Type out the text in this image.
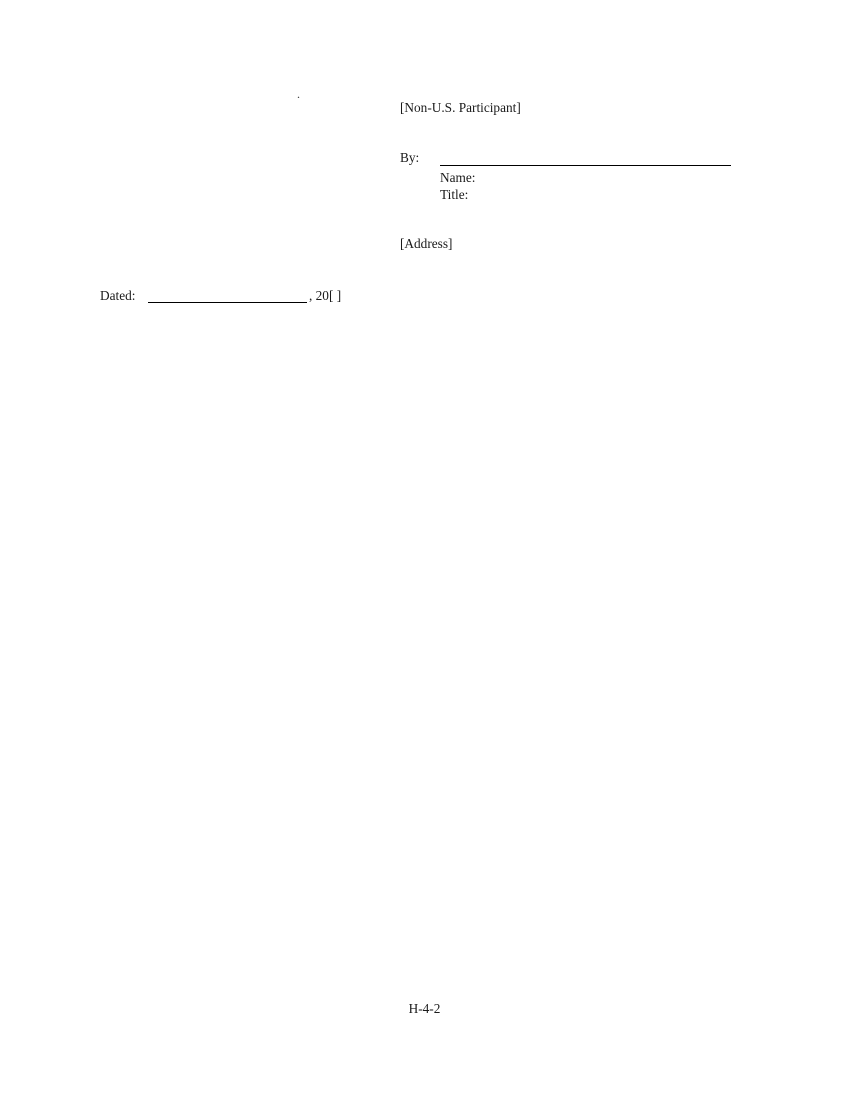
.
[Non-U.S. Participant]
By:
Name:
Title:
[Address]
Dated:	, 20[ ]
H-4-2
